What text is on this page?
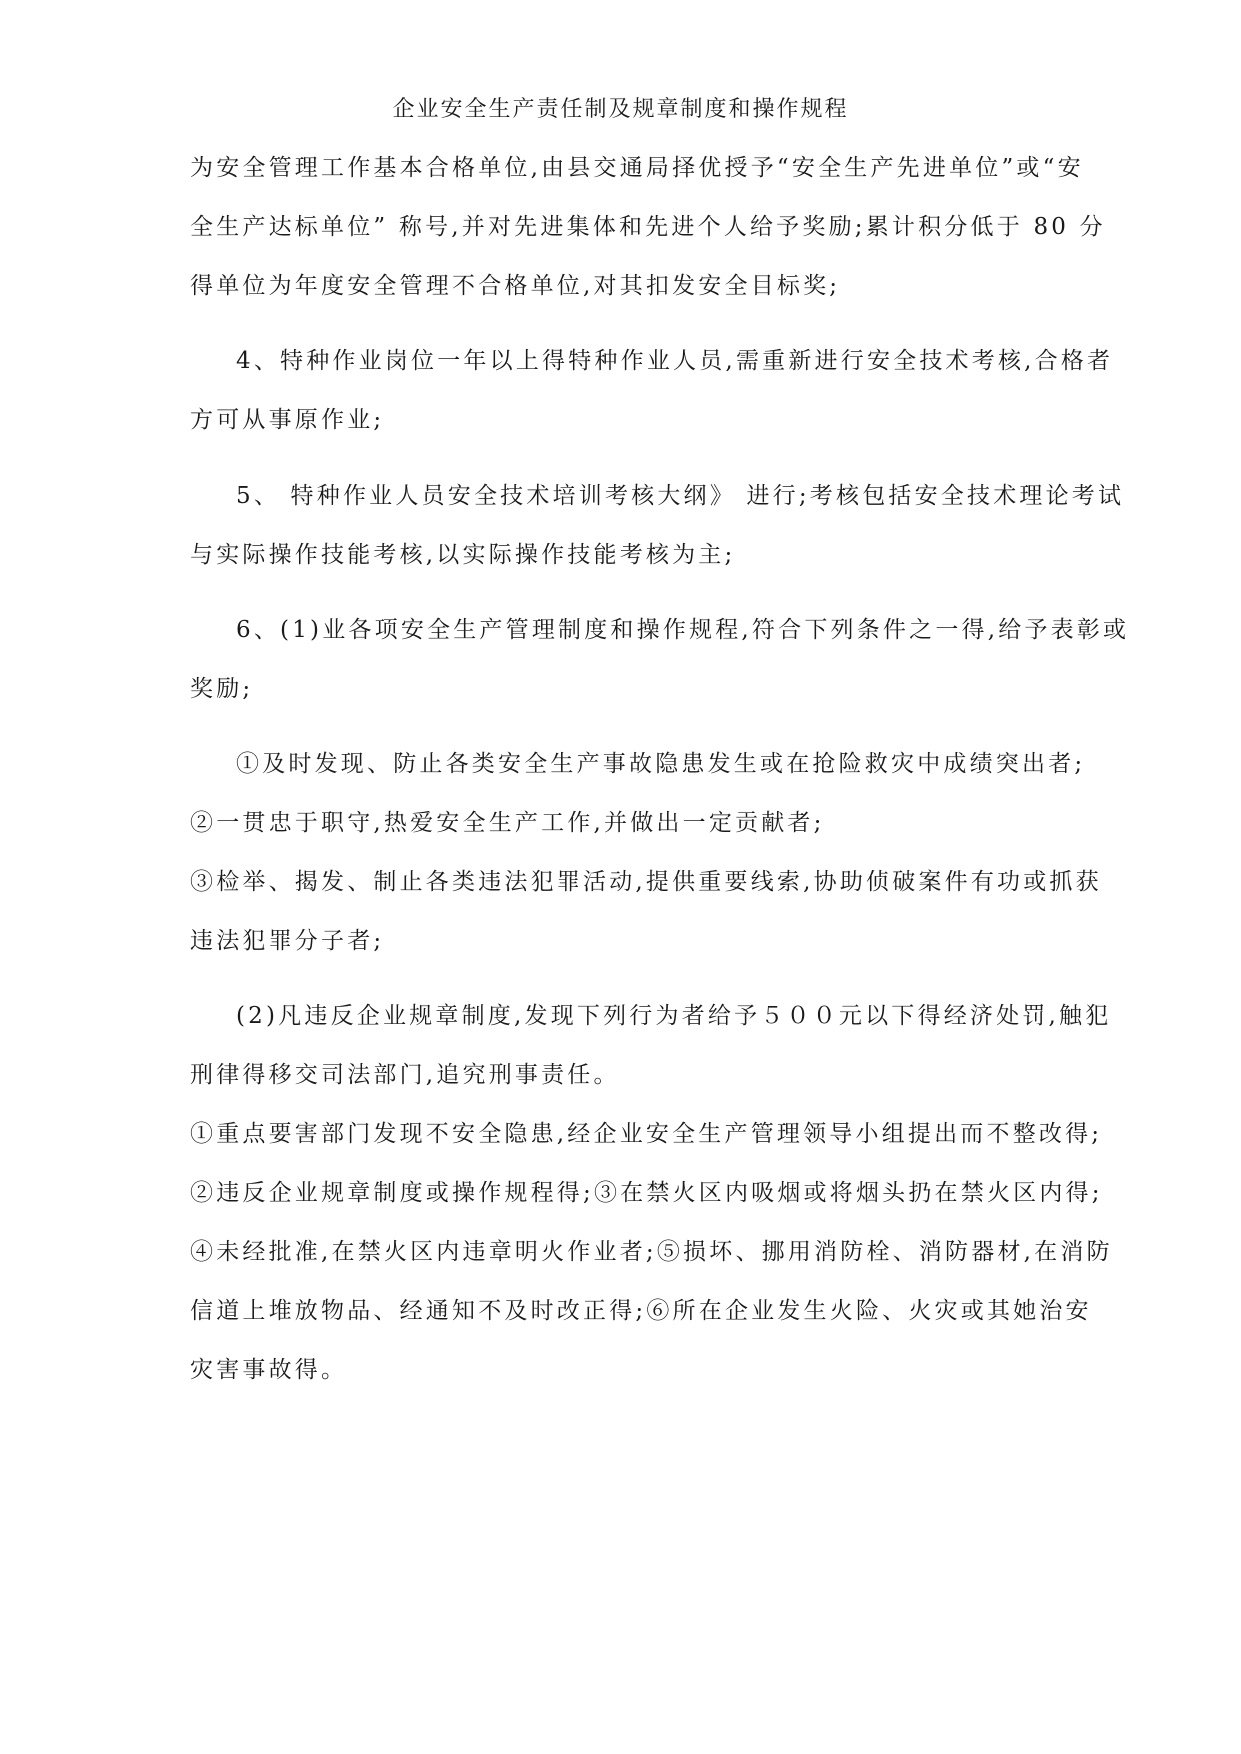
企业安全生产责任制及规章制度和操作规程
为安全管理工作基本合格单位,由县交通局择优授予“安全生产先进单位”或“安
全生产达标单位” 称号,并对先进集体和先进个人给予奖励;累计积分低于 80 分
得单位为年度安全管理不合格单位,对其扣发安全目标奖;
4、特种作业岗位一年以上得特种作业人员,需重新进行安全技术考核,合格者
方可从事原作业;
5、 特种作业人员安全技术培训考核大纲》 进行;考核包括安全技术理论考试
与实际操作技能考核,以实际操作技能考核为主;
6、(1)业各项安全生产管理制度和操作规程,符合下列条件之一得,给予表彰或
奖励;
①及时发现、防止各类安全生产事故隐患发生或在抢险救灾中成绩突出者;
②一贯忠于职守,热爱安全生产工作,并做出一定贡献者;
③检举、揭发、制止各类违法犯罪活动,提供重要线索,协助侦破案件有功或抓获
违法犯罪分子者;
(2)凡违反企业规章制度,发现下列行为者给予５００元以下得经济处罚,触犯
刑律得移交司法部门,追究刑事责任。
①重点要害部门发现不安全隐患,经企业安全生产管理领导小组提出而不整改得;
②违反企业规章制度或操作规程得;③在禁火区内吸烟或将烟头扔在禁火区内得;
④未经批准,在禁火区内违章明火作业者;⑤损坏、挪用消防栓、消防器材,在消防
信道上堆放物品、经通知不及时改正得;⑥所在企业发生火险、火灾或其她治安
灾害事故得。
